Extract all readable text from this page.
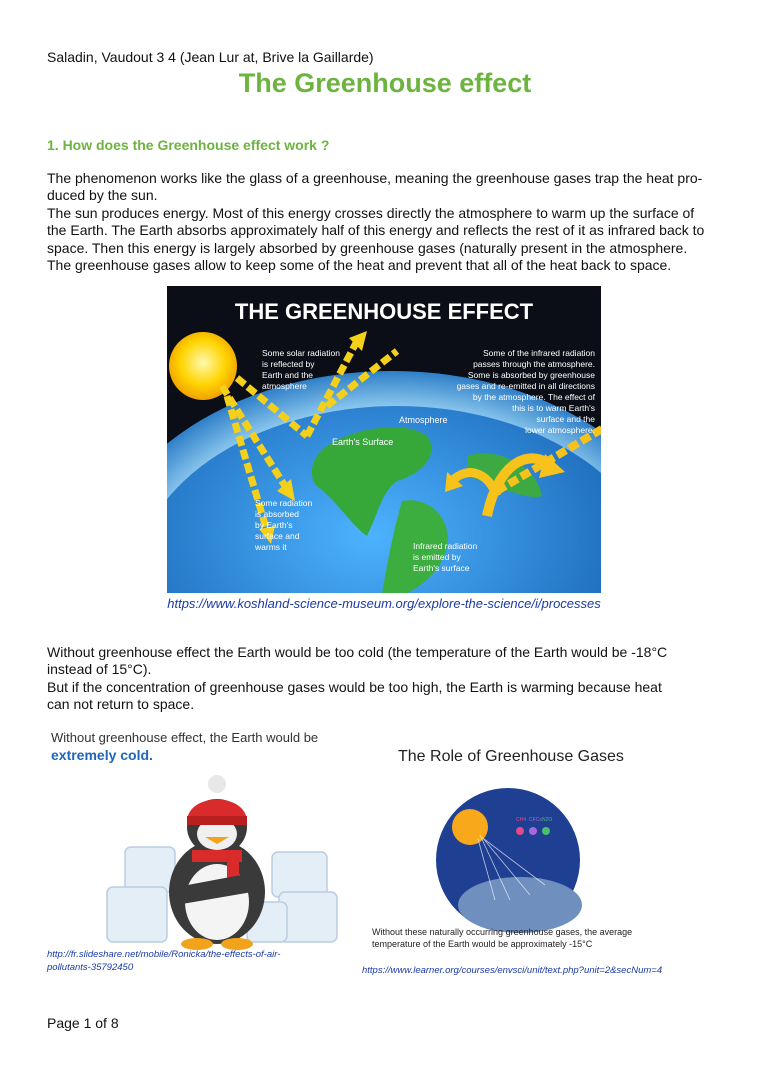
Saladin, Vaudout 3 4 (Jean Lur at, Brive la Gaillarde)
The Greenhouse effect
1. How does the Greenhouse effect work ?
The phenomenon works like the glass of a greenhouse, meaning the greenhouse gases trap the heat pro-
duced by the sun.
The sun produces energy. Most of this energy crosses directly the atmosphere to warm up the surface of
the Earth. The Earth absorbs approximately half of this energy and reflects the rest of it as infrared back to
space. Then this energy is largely absorbed by greenhouse gases (naturally present in the atmosphere.
The greenhouse gases allow to keep some of the heat and prevent that all of the heat back to space.
THE GREENHOUSE EFFECT
Some solar radiation
is reflected by
Earth and the
atmosphere
Some of the infrared radiation
passes through the atmosphere.
Some is absorbed by greenhouse
gases and re-emitted in all directions
by the atmosphere. The effect of
this is to warm Earth's
surface and the
lower atmosphere.
Atmosphere
Earth's Surface
Some radiation
is absorbed
by Earth's
surface and
warms it	Infrared radiation
is emitted by
Earth's surface
https://www.koshland-science-museum.org/explore-the-science/i/processes
Without greenhouse effect the Earth would be too cold (the temperature of the Earth would be -18°C
instead of 15°C).
But if the concentration of greenhouse gases would be too high, the Earth is warming because heat
can not return to space.
Without greenhouse effect, the Earth would be
extremely cold.
http://fr.slideshare.net/mobile/Ronicka/the-effects-of-air-
pollutants-35792450
The Role of Greenhouse Gases
CH4 CFCs N2O
Without these naturally occurring greenhouse gases, the average
temperature of the Earth would be approximately -15°C
https://www.learner.org/courses/envsci/unit/text.php?unit=2&secNum=4
Page 1 of 8
